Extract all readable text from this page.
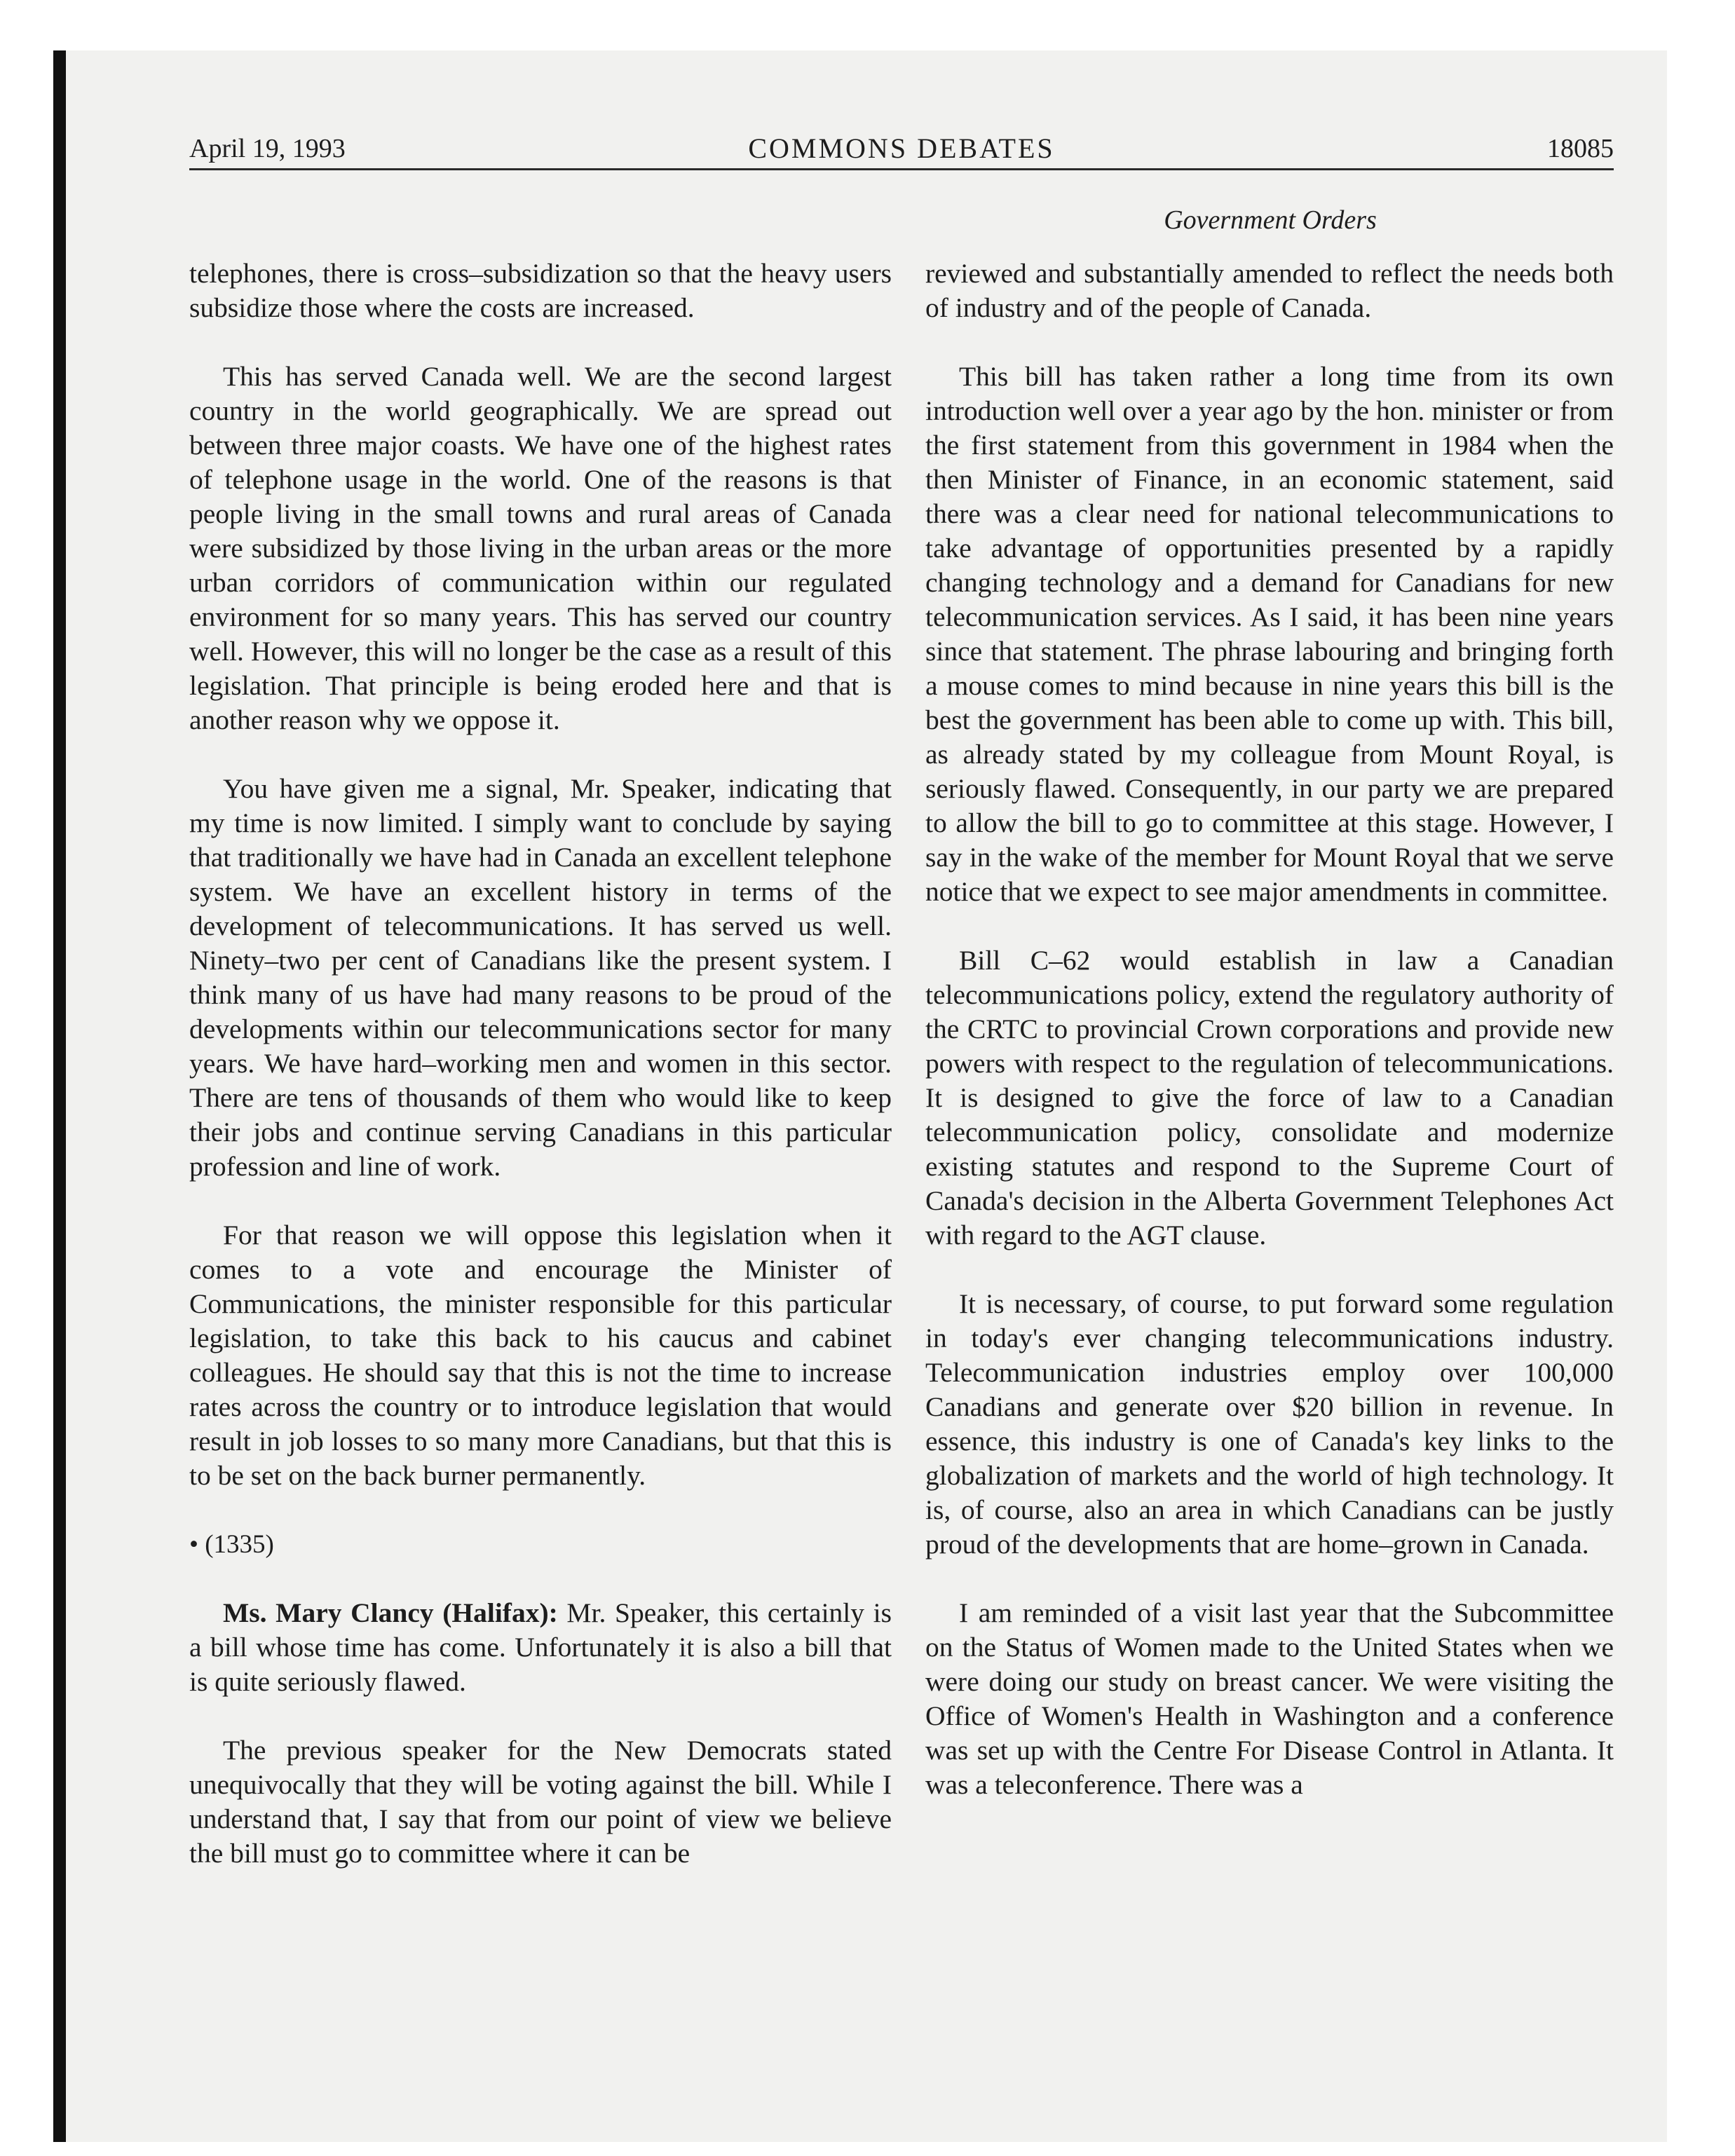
April 19, 1993	COMMONS DEBATES	18085
Government Orders

telephones, there is cross–subsidization so that the heavy users subsidize those where the costs are increased.

This has served Canada well. We are the second largest country in the world geographically. We are spread out between three major coasts. We have one of the highest rates of telephone usage in the world. One of the reasons is that people living in the small towns and rural areas of Canada were subsidized by those living in the urban areas or the more urban corridors of communication within our regulated environment for so many years. This has served our country well. However, this will no longer be the case as a result of this legislation. That principle is being eroded here and that is another reason why we oppose it.

You have given me a signal, Mr. Speaker, indicating that my time is now limited. I simply want to conclude by saying that traditionally we have had in Canada an excellent telephone system. We have an excellent history in terms of the development of telecommunications. It has served us well. Ninety–two per cent of Canadians like the present system. I think many of us have had many reasons to be proud of the developments within our telecommunications sector for many years. We have hard–working men and women in this sector. There are tens of thousands of them who would like to keep their jobs and continue serving Canadians in this particular profession and line of work.

For that reason we will oppose this legislation when it comes to a vote and encourage the Minister of Communications, the minister responsible for this particular legislation, to take this back to his caucus and cabinet colleagues. He should say that this is not the time to increase rates across the country or to introduce legislation that would result in job losses to so many more Canadians, but that this is to be set on the back burner permanently.

• (1335)

Ms. Mary Clancy (Halifax): Mr. Speaker, this certainly is a bill whose time has come. Unfortunately it is also a bill that is quite seriously flawed.

The previous speaker for the New Democrats stated unequivocally that they will be voting against the bill. While I understand that, I say that from our point of view we believe the bill must go to committee where it can be

reviewed and substantially amended to reflect the needs both of industry and of the people of Canada.

This bill has taken rather a long time from its own introduction well over a year ago by the hon. minister or from the first statement from this government in 1984 when the then Minister of Finance, in an economic statement, said there was a clear need for national telecommunications to take advantage of opportunities presented by a rapidly changing technology and a demand for Canadians for new telecommunication services. As I said, it has been nine years since that statement. The phrase labouring and bringing forth a mouse comes to mind because in nine years this bill is the best the government has been able to come up with. This bill, as already stated by my colleague from Mount Royal, is seriously flawed. Consequently, in our party we are prepared to allow the bill to go to committee at this stage. However, I say in the wake of the member for Mount Royal that we serve notice that we expect to see major amendments in committee.

Bill C–62 would establish in law a Canadian telecommunications policy, extend the regulatory authority of the CRTC to provincial Crown corporations and provide new powers with respect to the regulation of telecommunications. It is designed to give the force of law to a Canadian telecommunication policy, consolidate and modernize existing statutes and respond to the Supreme Court of Canada's decision in the Alberta Government Telephones Act with regard to the AGT clause.

It is necessary, of course, to put forward some regulation in today's ever changing telecommunications industry. Telecommunication industries employ over 100,000 Canadians and generate over $20 billion in revenue. In essence, this industry is one of Canada's key links to the globalization of markets and the world of high technology. It is, of course, also an area in which Canadians can be justly proud of the developments that are home–grown in Canada.

I am reminded of a visit last year that the Subcommittee on the Status of Women made to the United States when we were doing our study on breast cancer. We were visiting the Office of Women's Health in Washington and a conference was set up with the Centre For Disease Control in Atlanta. It was a teleconference. There was a
